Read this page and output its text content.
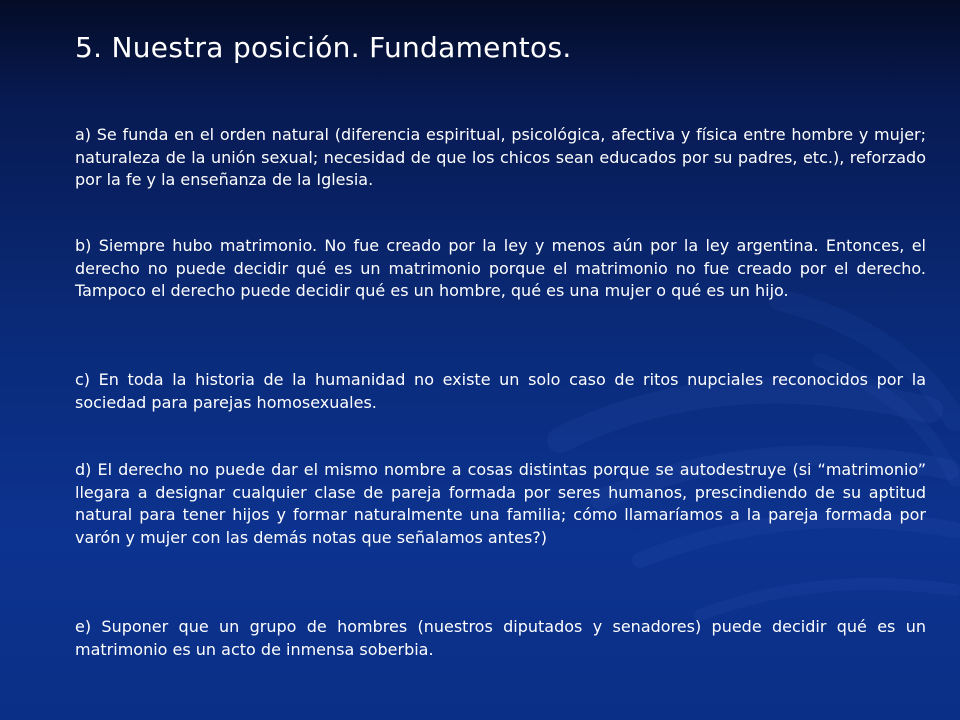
5. Nuestra posición. Fundamentos.

a) Se funda en el orden natural (diferencia espiritual, psicológica, afectiva y física entre hombre y mujer; naturaleza de la unión sexual; necesidad de que los chicos sean educados por su padres, etc.), reforzado por la fe y la enseñanza de la Iglesia.

b) Siempre hubo matrimonio. No fue creado por la ley y menos aún por la ley argentina. Entonces, el derecho no puede decidir qué es un matrimonio porque el matrimonio no fue creado por el derecho. Tampoco el derecho puede decidir qué es un hombre, qué es una mujer o qué es un hijo.

c) En toda la historia de la humanidad no existe un solo caso de ritos nupciales reconocidos por la sociedad para parejas homosexuales.

d) El derecho no puede dar el mismo nombre a cosas distintas porque se autodestruye (si “matrimonio” llegara a designar cualquier clase de pareja formada por seres humanos, prescindiendo de su aptitud natural para tener hijos y formar naturalmente una familia; cómo llamaríamos a la pareja formada por varón y mujer con las demás notas que señalamos antes?)

e) Suponer que un grupo de hombres (nuestros diputados y senadores) puede decidir qué es un matrimonio es un acto de inmensa soberbia.
